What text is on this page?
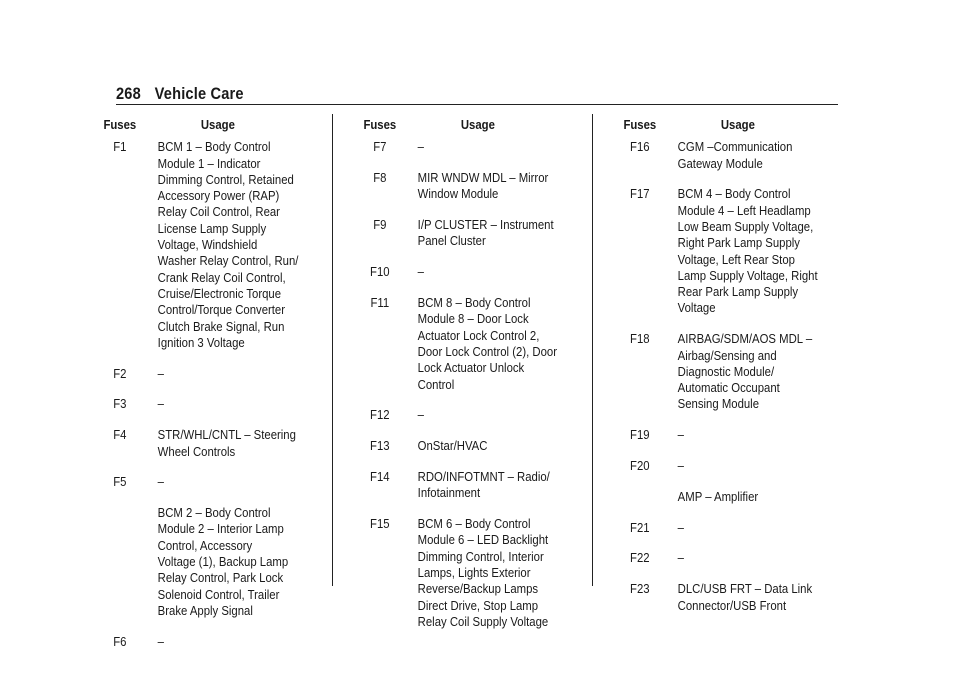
268 Vehicle Care
Fuses	Usage
F1	BCM 1 – Body Control
Module 1 – Indicator
Dimming Control, Retained
Accessory Power (RAP)
Relay Coil Control, Rear
License Lamp Supply
Voltage, Windshield
Washer Relay Control, Run/
Crank Relay Coil Control,
Cruise/Electronic Torque
Control/Torque Converter
Clutch Brake Signal, Run
Ignition 3 Voltage
F2	–
F3	–
F4	STR/WHL/CNTL – Steering
Wheel Controls
F5	–
BCM 2 – Body Control
Module 2 – Interior Lamp
Control, Accessory
Voltage (1), Backup Lamp
Relay Control, Park Lock
Solenoid Control, Trailer
Brake Apply Signal
F6	–
Fuses	Usage
F7	–
F8	MIR WNDW MDL – Mirror
Window Module
F9	I/P CLUSTER – Instrument
Panel Cluster
F10	–
F11	BCM 8 – Body Control
Module 8 – Door Lock
Actuator Lock Control 2,
Door Lock Control (2), Door
Lock Actuator Unlock
Control
F12	–
F13	OnStar/HVAC
F14	RDO/INFOTMNT – Radio/
Infotainment
F15	BCM 6 – Body Control
Module 6 – LED Backlight
Dimming Control, Interior
Lamps, Lights Exterior
Reverse/Backup Lamps
Direct Drive, Stop Lamp
Relay Coil Supply Voltage
Fuses	Usage
F16	CGM –Communication
Gateway Module
F17	BCM 4 – Body Control
Module 4 – Left Headlamp
Low Beam Supply Voltage,
Right Park Lamp Supply
Voltage, Left Rear Stop
Lamp Supply Voltage, Right
Rear Park Lamp Supply
Voltage
F18	AIRBAG/SDM/AOS MDL –
Airbag/Sensing and
Diagnostic Module/
Automatic Occupant
Sensing Module
F19	–
F20	–
AMP – Amplifier
F21	–
F22	–
F23	DLC/USB FRT – Data Link
Connector/USB Front
